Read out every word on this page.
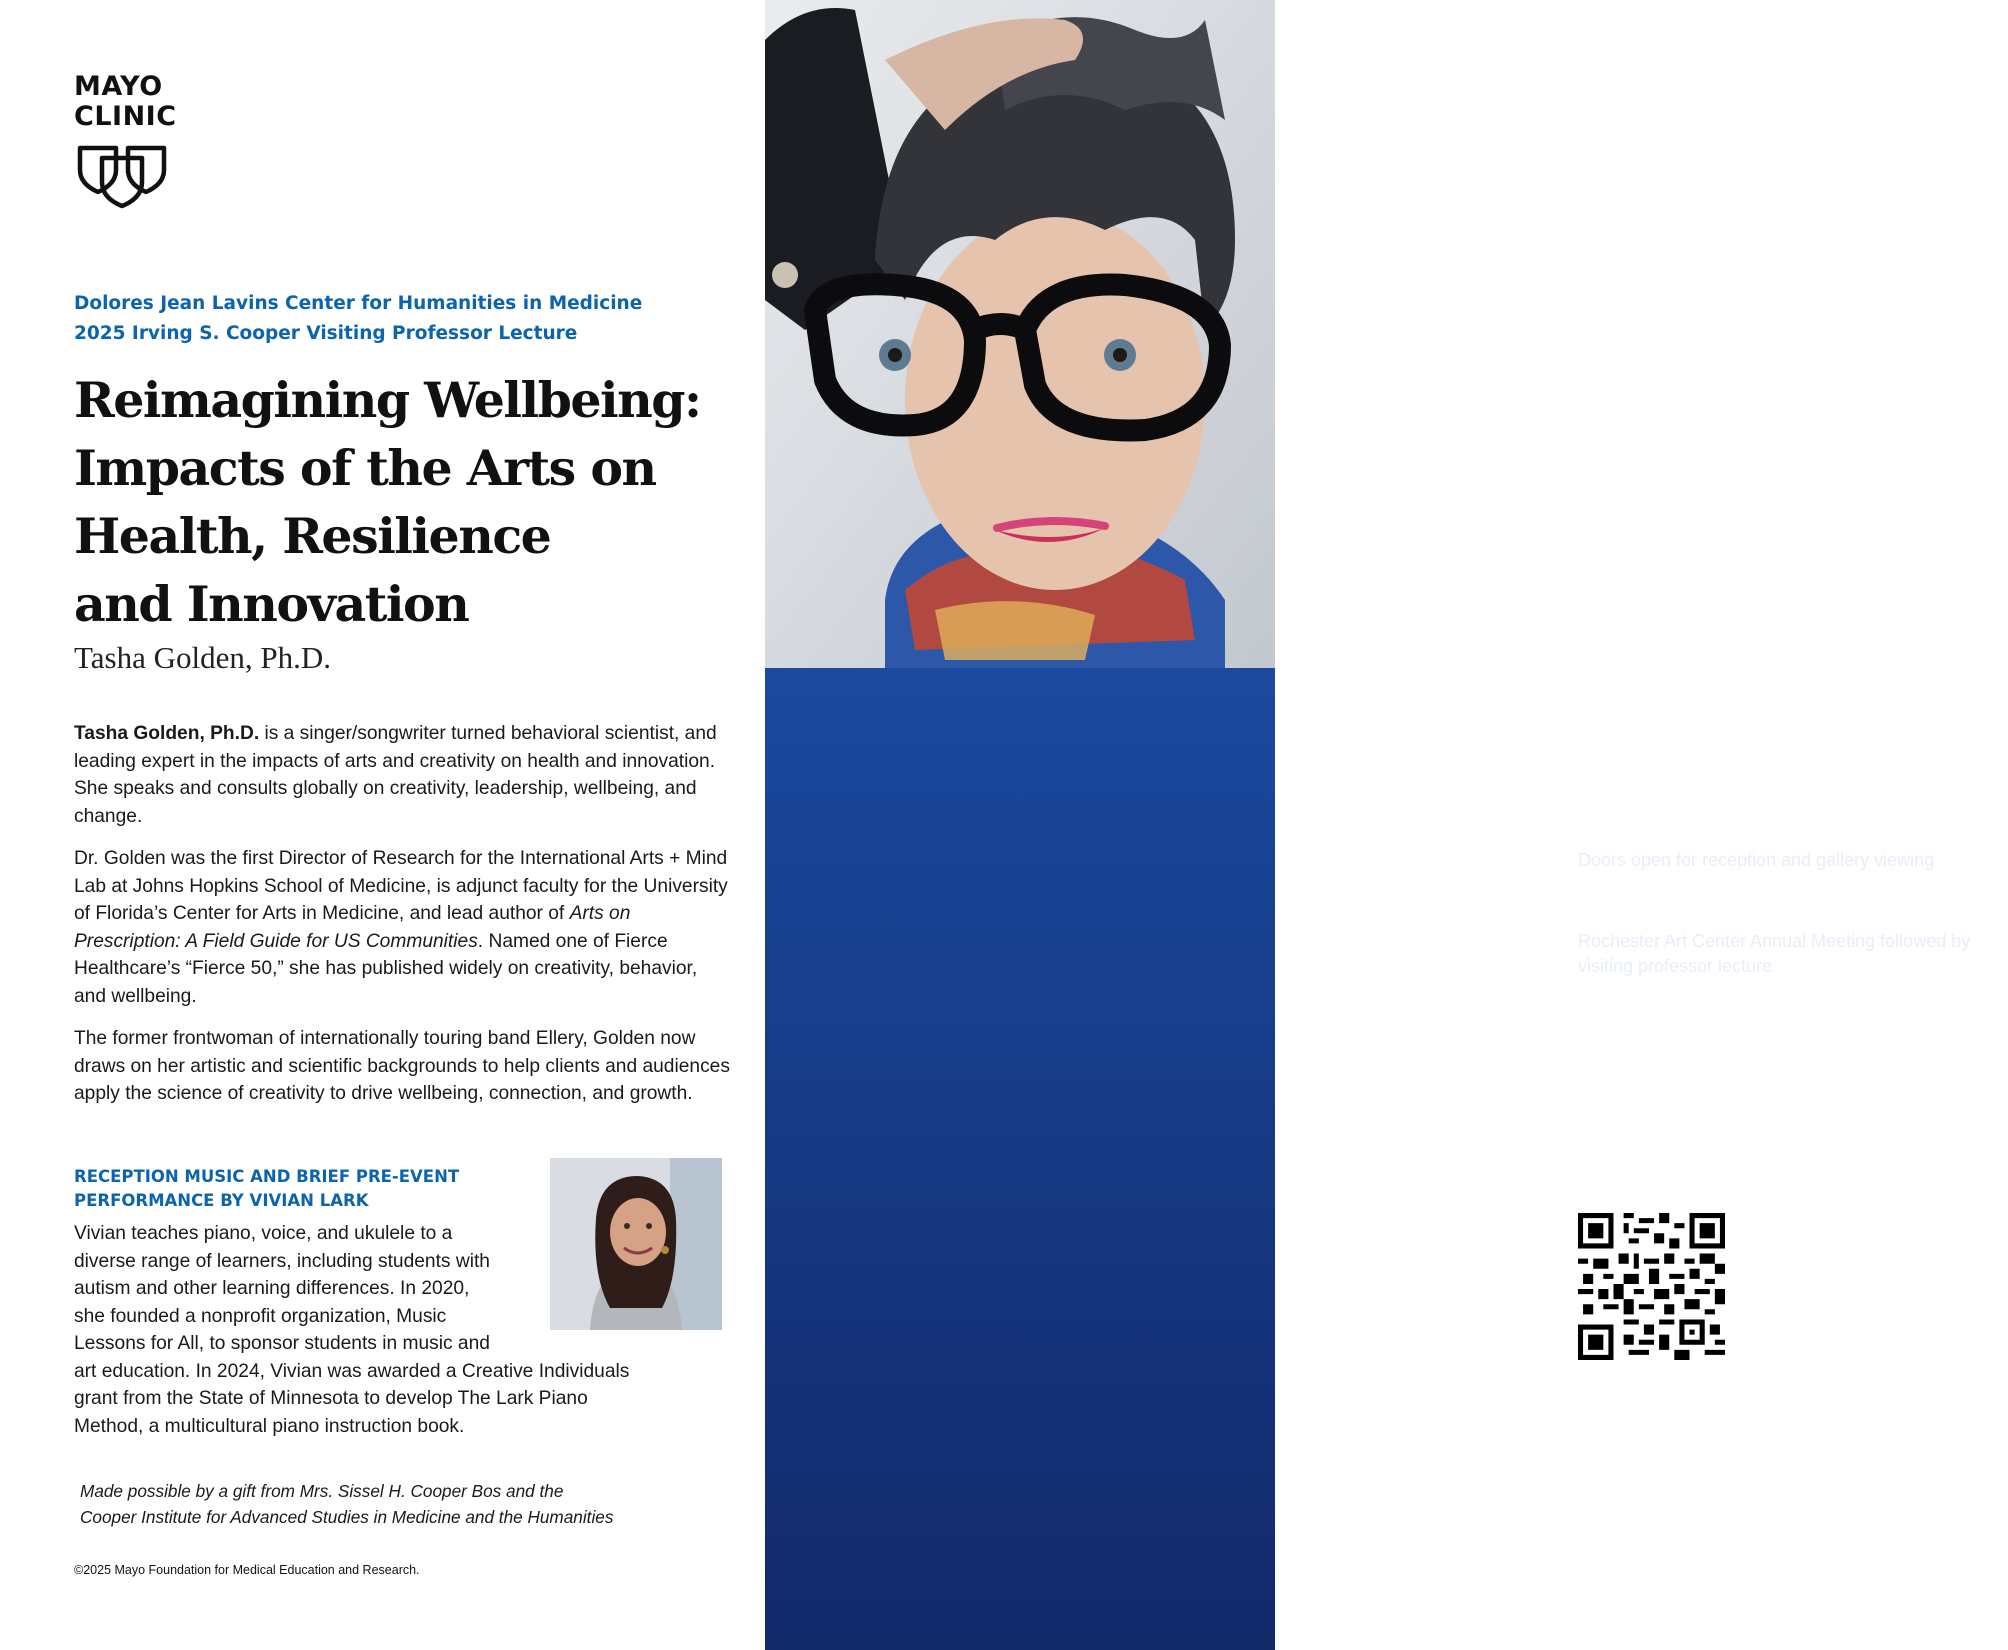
MAYO
CLINIC
Dolores Jean Lavins Center for Humanities in Medicine
2025 Irving S. Cooper Visiting Professor Lecture
Reimagining Wellbeing:
Impacts of the Arts on
Health, Resilience
and Innovation
Tasha Golden, Ph.D.

Tasha Golden, Ph.D. is a singer/songwriter turned behavioral scientist, and leading expert in the impacts of arts and creativity on health and innovation. She speaks and consults globally on creativity, leadership, wellbeing, and change.

Dr. Golden was the first Director of Research for the International Arts + Mind Lab at Johns Hopkins School of Medicine, is adjunct faculty for the University of Florida’s Center for Arts in Medicine, and lead author of Arts on Prescription: A Field Guide for US Communities. Named one of Fierce Healthcare’s “Fierce 50,” she has published widely on creativity, behavior, and wellbeing.

The former frontwoman of internationally touring band Ellery, Golden now draws on her artistic and scientific backgrounds to help clients and audiences apply the science of creativity to drive wellbeing, connection, and growth.

RECEPTION MUSIC AND BRIEF PRE-EVENT
PERFORMANCE BY VIVIAN LARK
Vivian teaches piano, voice, and ukulele to a
diverse range of learners, including students with
autism and other learning differences. In 2020,
she founded a nonprofit organization, Music
Lessons for All, to sponsor students in music and
art education. In 2024, Vivian was awarded a Creative Individuals
grant from the State of Minnesota to develop The Lark Piano
Method, a multicultural piano instruction book.
Made possible by a gift from Mrs. Sissel H. Cooper Bos and the
Cooper Institute for Advanced Studies in Medicine and the Humanities
©2025 Mayo Foundation for Medical Education and Research.
Wednesday,
November 12, 2025
5:00 p.m.
Doors open for reception and gallery viewing
6:00 p.m.
Rochester Art Center Annual Meeting followed by visiting professor lecture
Location
Rochester Art Center
30 Civic Center Drive
Rochester, Minnesota
Registration
Scan code below to register
For questions email us at
humanitiesrochester@mayo.edu
MC2592-110rev1025
